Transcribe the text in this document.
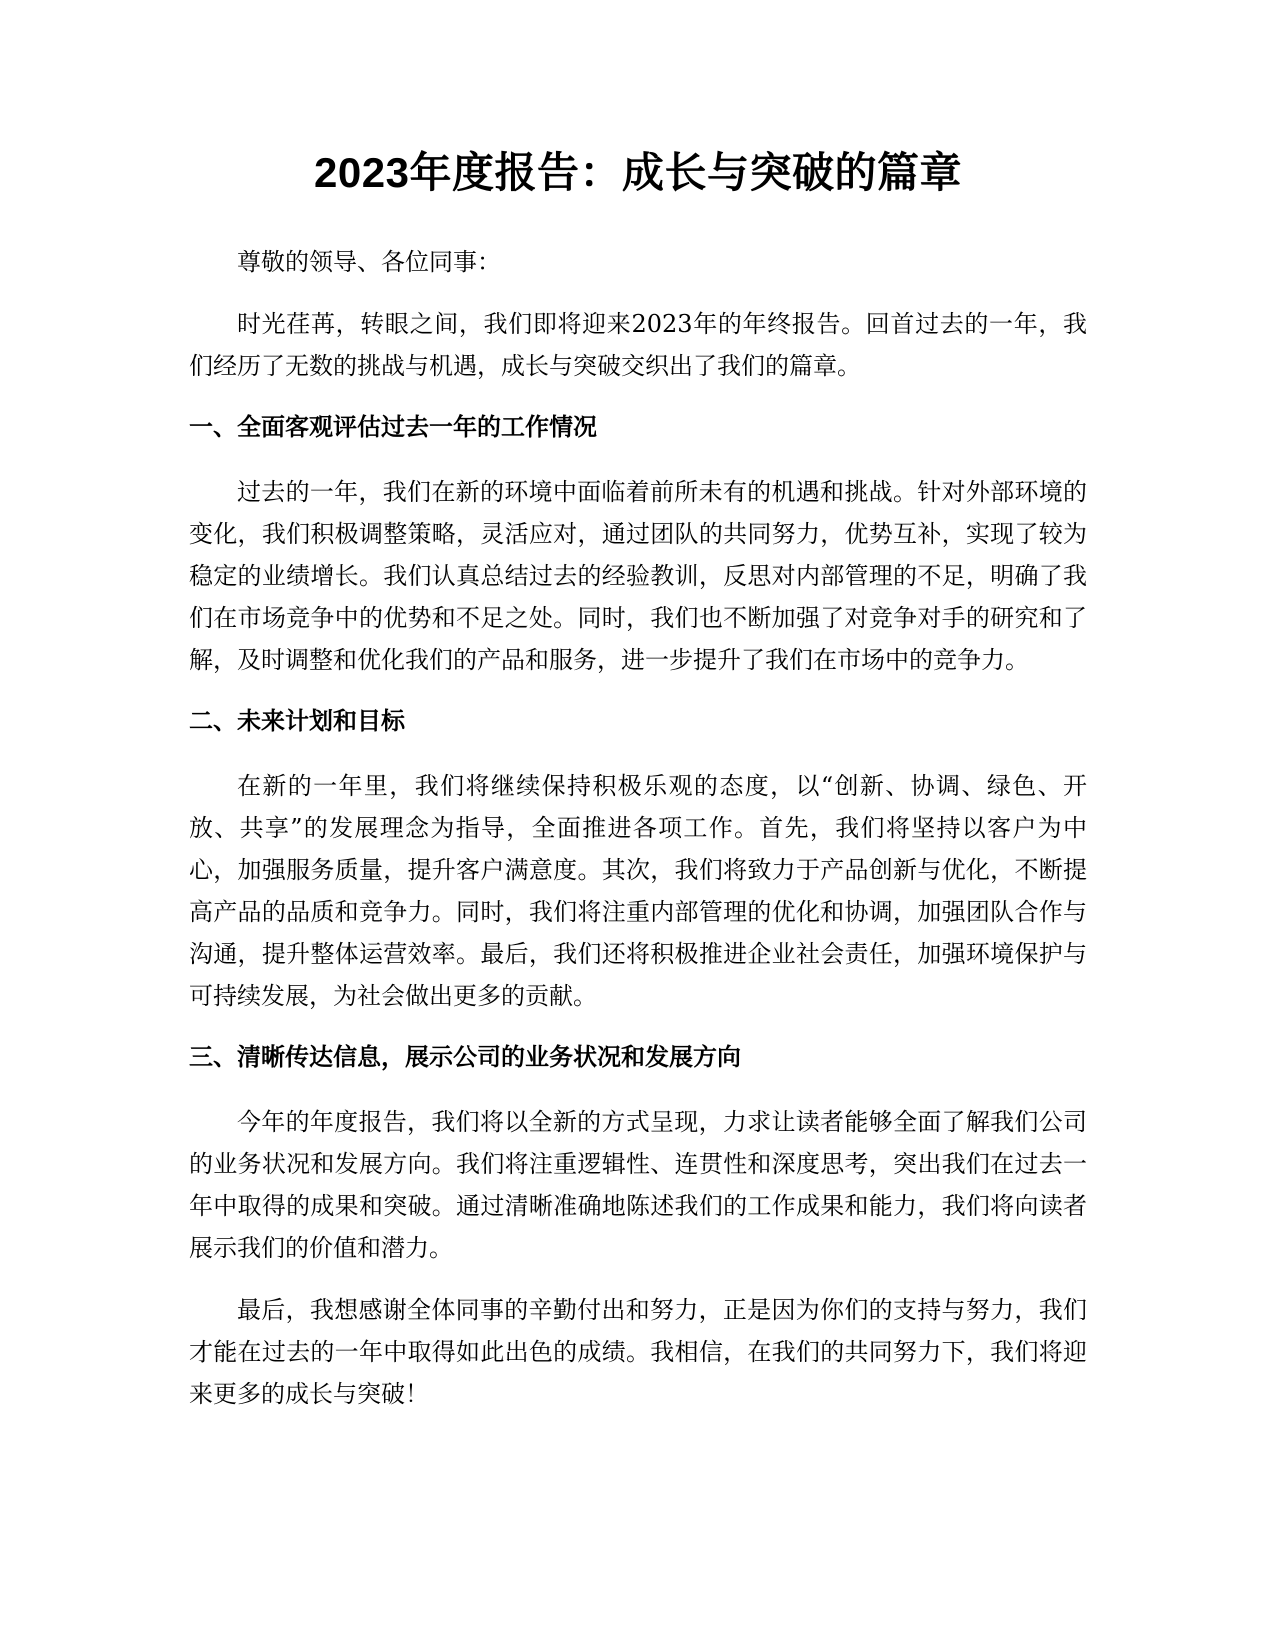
2023年度报告：成长与突破的篇章

尊敬的领导、各位同事：

时光荏苒，转眼之间，我们即将迎来2023年的年终报告。回首过去的一年，我们经历了无数的挑战与机遇，成长与突破交织出了我们的篇章。

一、全面客观评估过去一年的工作情况

过去的一年，我们在新的环境中面临着前所未有的机遇和挑战。针对外部环境的变化，我们积极调整策略，灵活应对，通过团队的共同努力，优势互补，实现了较为稳定的业绩增长。我们认真总结过去的经验教训，反思对内部管理的不足，明确了我们在市场竞争中的优势和不足之处。同时，我们也不断加强了对竞争对手的研究和了解，及时调整和优化我们的产品和服务，进一步提升了我们在市场中的竞争力。

二、未来计划和目标

在新的一年里，我们将继续保持积极乐观的态度，以“创新、协调、绿色、开放、共享”的发展理念为指导，全面推进各项工作。首先，我们将坚持以客户为中心，加强服务质量，提升客户满意度。其次，我们将致力于产品创新与优化，不断提高产品的品质和竞争力。同时，我们将注重内部管理的优化和协调，加强团队合作与沟通，提升整体运营效率。最后，我们还将积极推进企业社会责任，加强环境保护与可持续发展，为社会做出更多的贡献。

三、清晰传达信息，展示公司的业务状况和发展方向

今年的年度报告，我们将以全新的方式呈现，力求让读者能够全面了解我们公司的业务状况和发展方向。我们将注重逻辑性、连贯性和深度思考，突出我们在过去一年中取得的成果和突破。通过清晰准确地陈述我们的工作成果和能力，我们将向读者展示我们的价值和潜力。

最后，我想感谢全体同事的辛勤付出和努力，正是因为你们的支持与努力，我们才能在过去的一年中取得如此出色的成绩。我相信，在我们的共同努力下，我们将迎来更多的成长与突破！
